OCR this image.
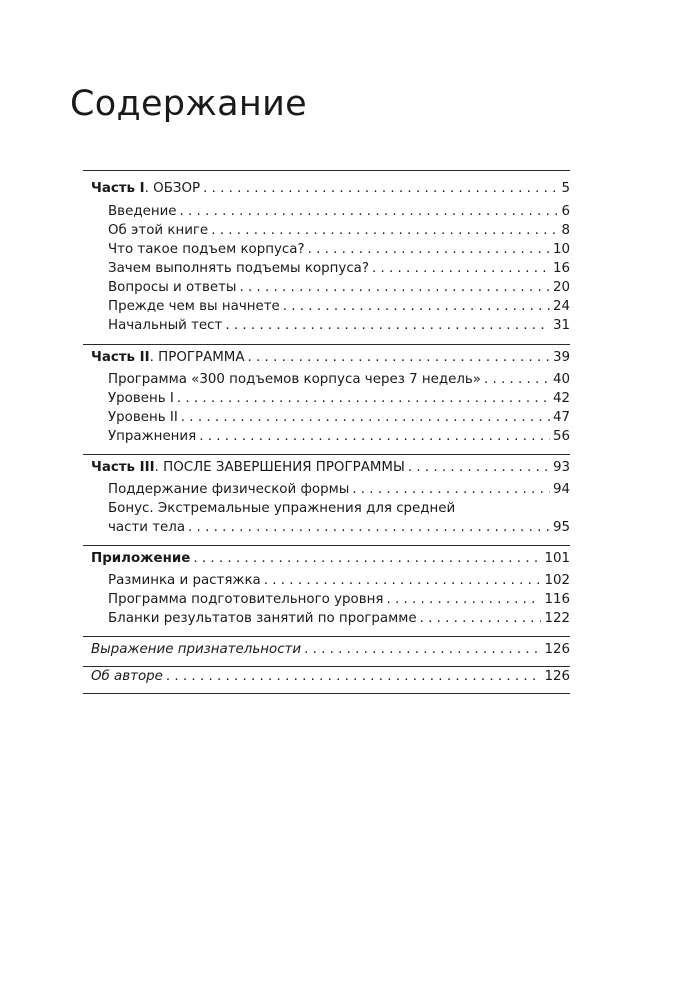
Содержание
Часть I. ОБЗОР . . .	5
Введение . . .	6
Об этой книге . . .	8
Что такое подъем корпуса? . . .	10
Зачем выполнять подъемы корпуса? . . .	16
Вопросы и ответы . . .	20
Прежде чем вы начнете . . .	24
Начальный тест . . .	31
Часть II. ПРОГРАММА . . .	39
Программа «300 подъемов корпуса через 7 недель» . . .	40
Уровень I . . .	42
Уровень II . . .	47
Упражнения . . .	56
Часть III. ПОСЛЕ ЗАВЕРШЕНИЯ ПРОГРАММЫ . . .	93
Поддержание физической формы . . .	94
Бонус. Экстремальные упражнения для средней
части тела . . .	95
Приложение . . .	101
Разминка и растяжка . . .	102
Программа подготовительного уровня . . .	116
Бланки результатов занятий по программе . . .	122
Выражение признательности . . .	126
Об авторе . . .	126
